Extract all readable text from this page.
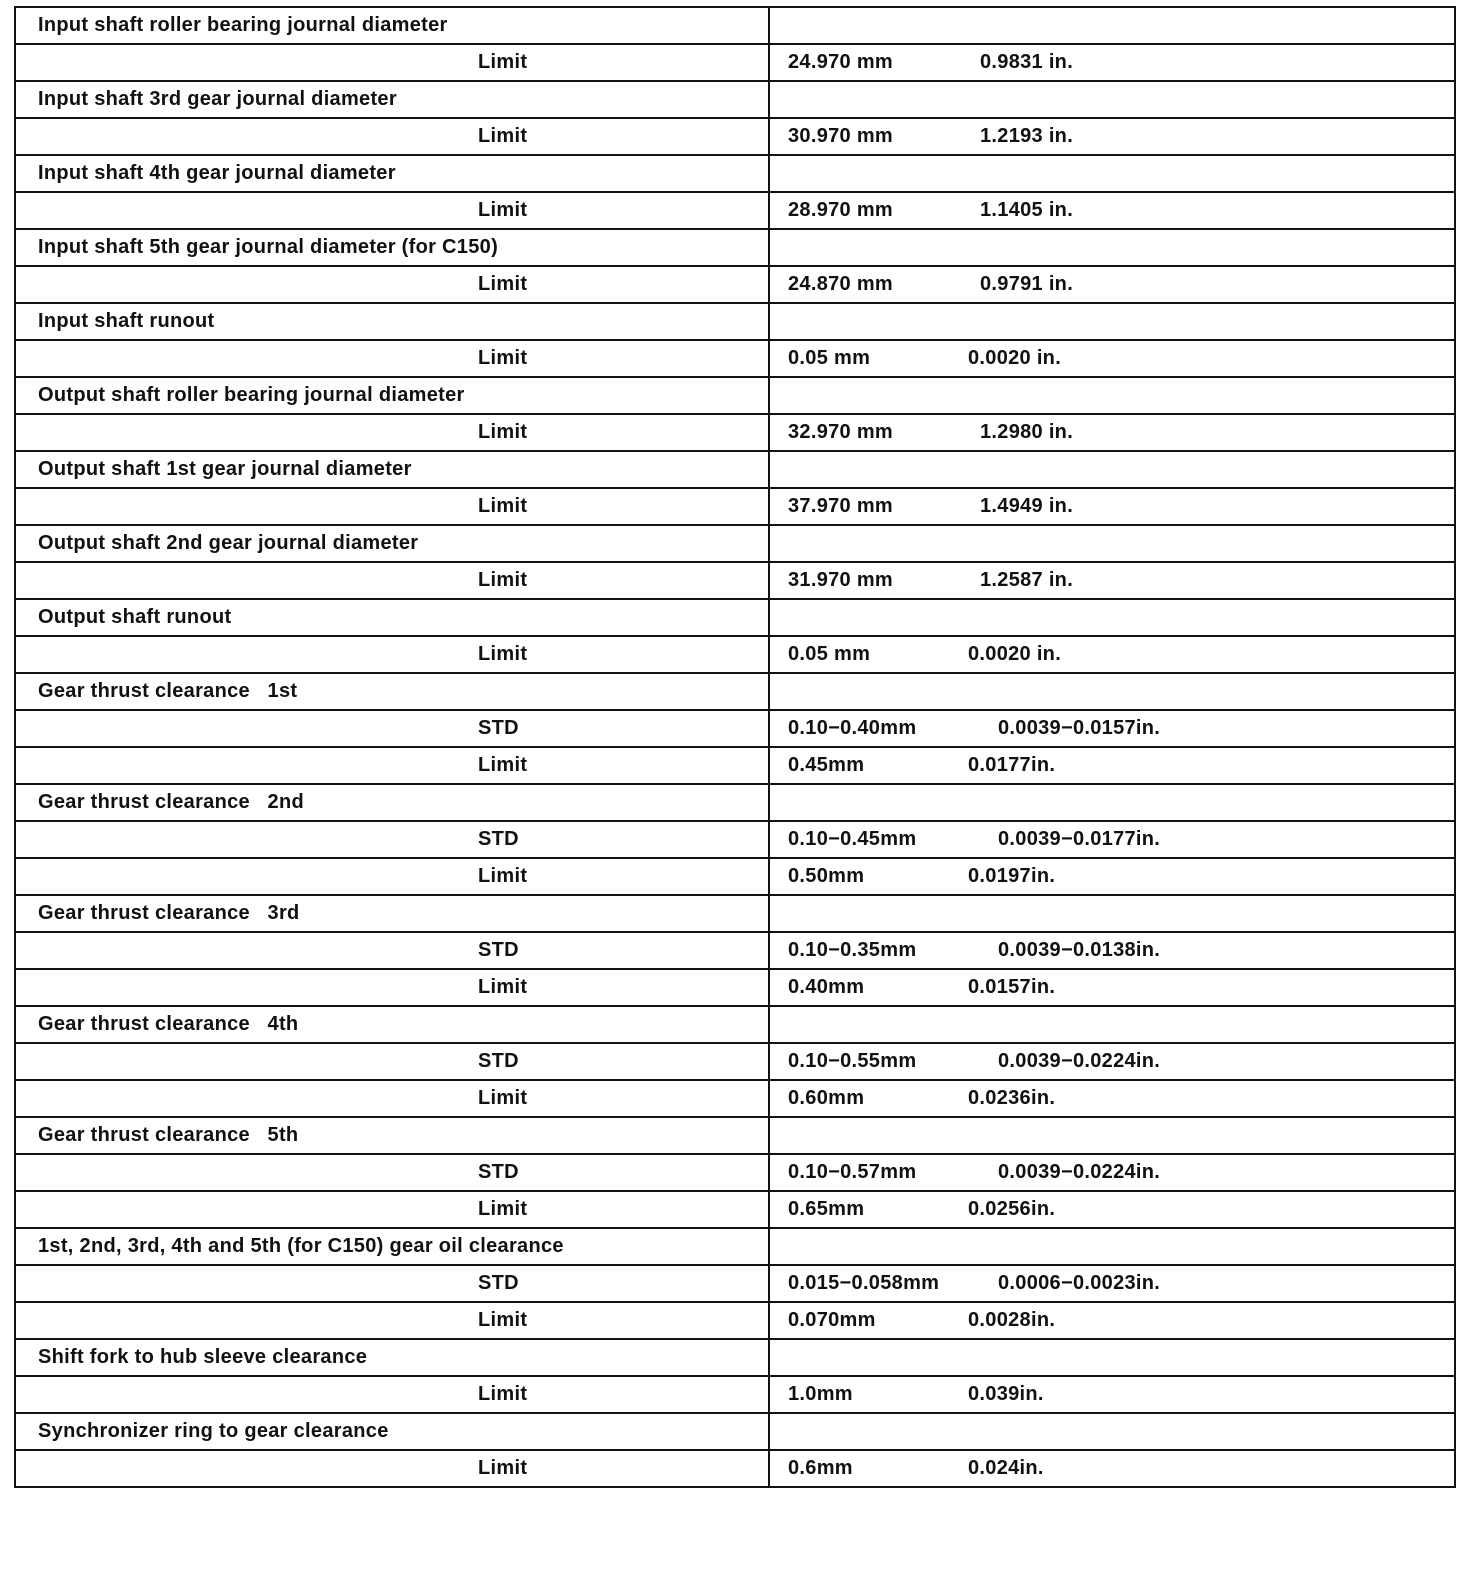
Input shaft roller bearing journal diameter	
Limit	24.970 mm 0.9831 in.
Input shaft 3rd gear journal diameter	
Limit	30.970 mm 1.2193 in.
Input shaft 4th gear journal diameter	
Limit	28.970 mm 1.1405 in.
Input shaft 5th gear journal diameter (for C150)	
Limit	24.870 mm 0.9791 in.
Input shaft runout	
Limit	0.05 mm 0.0020 in.
Output shaft roller bearing journal diameter	
Limit	32.970 mm 1.2980 in.
Output shaft 1st gear journal diameter	
Limit	37.970 mm 1.4949 in.
Output shaft 2nd gear journal diameter	
Limit	31.970 mm 1.2587 in.
Output shaft runout	
Limit	0.05 mm 0.0020 in.
Gear thrust clearance   1st	
STD	0.10−0.40mm 0.0039−0.0157in.
Limit	0.45mm 0.0177in.
Gear thrust clearance   2nd	
STD	0.10−0.45mm 0.0039−0.0177in.
Limit	0.50mm 0.0197in.
Gear thrust clearance   3rd	
STD	0.10−0.35mm 0.0039−0.0138in.
Limit	0.40mm 0.0157in.
Gear thrust clearance   4th	
STD	0.10−0.55mm 0.0039−0.0224in.
Limit	0.60mm 0.0236in.
Gear thrust clearance   5th	
STD	0.10−0.57mm 0.0039−0.0224in.
Limit	0.65mm 0.0256in.
1st, 2nd, 3rd, 4th and 5th (for C150) gear oil clearance	
STD	0.015−0.058mm 0.0006−0.0023in.
Limit	0.070mm 0.0028in.
Shift fork to hub sleeve clearance	
Limit	1.0mm 0.039in.
Synchronizer ring to gear clearance	
Limit	0.6mm 0.024in.
